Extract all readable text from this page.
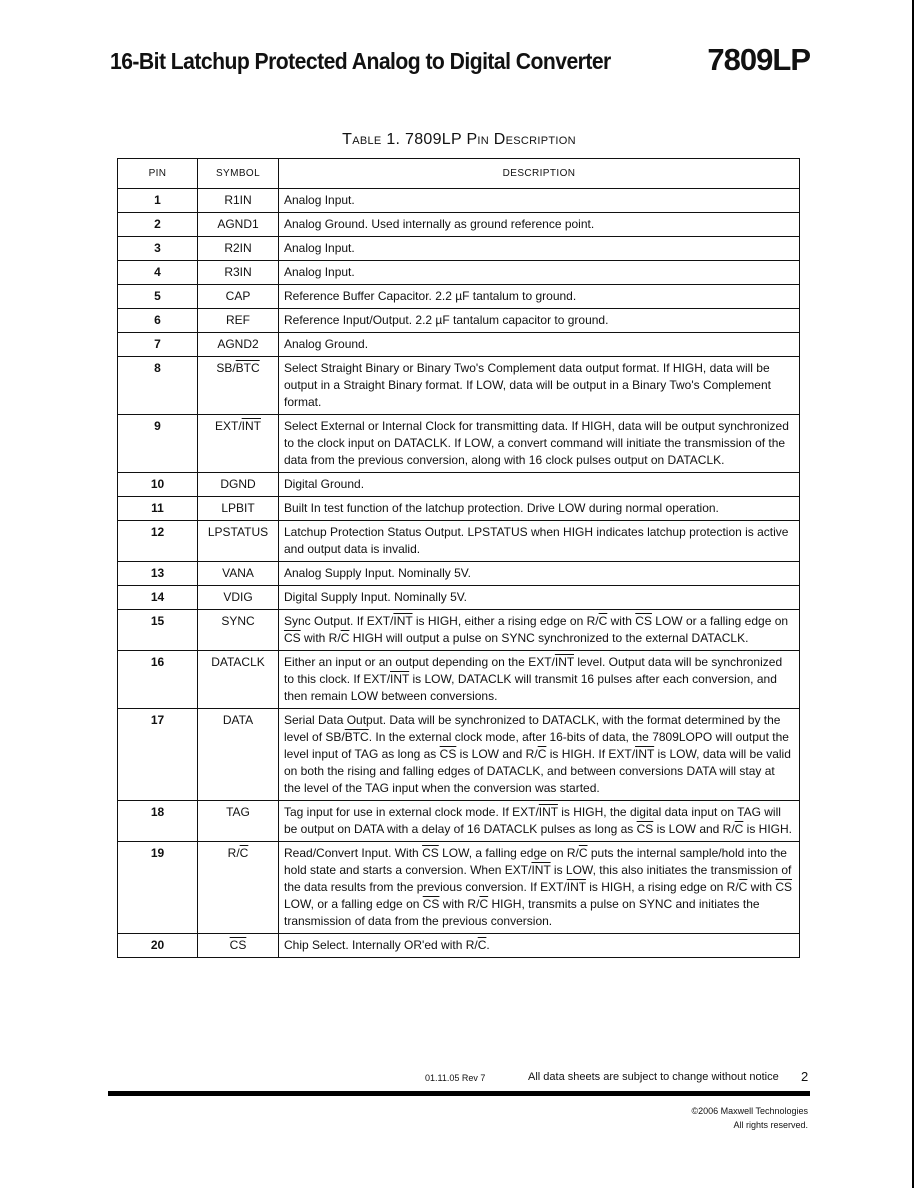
16-Bit Latchup Protected Analog to Digital Converter	7809LP
Table 1. 7809LP Pin Description
PIN	SYMBOL	DESCRIPTION
1	R1IN	Analog Input.
2	AGND1	Analog Ground. Used internally as ground reference point.
3	R2IN	Analog Input.
4	R3IN	Analog Input.
5	CAP	Reference Buffer Capacitor. 2.2 µF tantalum to ground.
6	REF	Reference Input/Output. 2.2 µF tantalum capacitor to ground.
7	AGND2	Analog Ground.
8	$SB/\overline{BTC}$	Select Straight Binary or Binary Two's Complement data output format. If HIGH, data will be output in a Straight Binary format. If LOW, data will be output in a Binary Two's Complement format.
9	EXT/$\overline{INT}$	Select External or Internal Clock for transmitting data. If HIGH, data will be output synchronized to the clock input on DATACLK. If LOW, a convert command will initiate the transmission of the data from the previous conversion, along with 16 clock pulses output on DATACLK.
10	DGND	Digital Ground.
11	LPBIT	Built In test function of the latchup protection. Drive LOW during normal operation.
12	LPSTATUS	Latchup Protection Status Output. LPSTATUS when HIGH indicates latchup protection is active and output data is invalid.
13	VANA	Analog Supply Input. Nominally 5V.
14	VDIG	Digital Supply Input. Nominally 5V.
15	SYNC	Sync Output. If EXT/$\overline{INT}$ is HIGH, either a rising edge on $R/\overline{C}$ with $\overline{CS}$ LOW or a falling edge on $\overline{CS}$ with $R/\overline{C}$ HIGH will output a pulse on SYNC synchronized to the external DATACLK.
16	DATACLK	Either an input or an output depending on the EXT/$\overline{INT}$ level. Output data will be synchronized to this clock. If EXT/$\overline{INT}$ is LOW, DATACLK will transmit 16 pulses after each conversion, and then remain LOW between conversions.
17	DATA	Serial Data Output. Data will be synchronized to DATACLK, with the format determined by the level of $SB/\overline{BTC}$. In the external clock mode, after 16-bits of data, the 7809LOPO will output the level input of TAG as long as $\overline{CS}$ is LOW and $R/\overline{C}$ is HIGH. If EXT/$\overline{INT}$ is LOW, data will be valid on both the rising and falling edges of DATACLK, and between conversions DATA will stay at the level of the TAG input when the conversion was started.
18	TAG	Tag input for use in external clock mode. If EXT/$\overline{INT}$ is HIGH, the digital data input on TAG will be output on DATA with a delay of 16 DATACLK pulses as long as $\overline{CS}$ is LOW and $R/\overline{C}$ is HIGH.
19	$R/\overline{C}$	Read/Convert Input. With $\overline{CS}$ LOW, a falling edge on $R/\overline{C}$ puts the internal sample/hold into the hold state and starts a conversion. When EXT/$\overline{INT}$ is LOW, this also initiates the transmission of the data results from the previous conversion. If EXT/$\overline{INT}$ is HIGH, a rising edge on $R/\overline{C}$ with $\overline{CS}$ LOW, or a falling edge on $\overline{CS}$ with $R/\overline{C}$ HIGH, transmits a pulse on SYNC and initiates the transmission of data from the previous conversion.
20	$\overline{CS}$	Chip Select. Internally OR'ed with $R/\overline{C}$.
01.11.05 Rev 7	All data sheets are subject to change without notice 2
©2006 Maxwell Technologies
All rights reserved.
